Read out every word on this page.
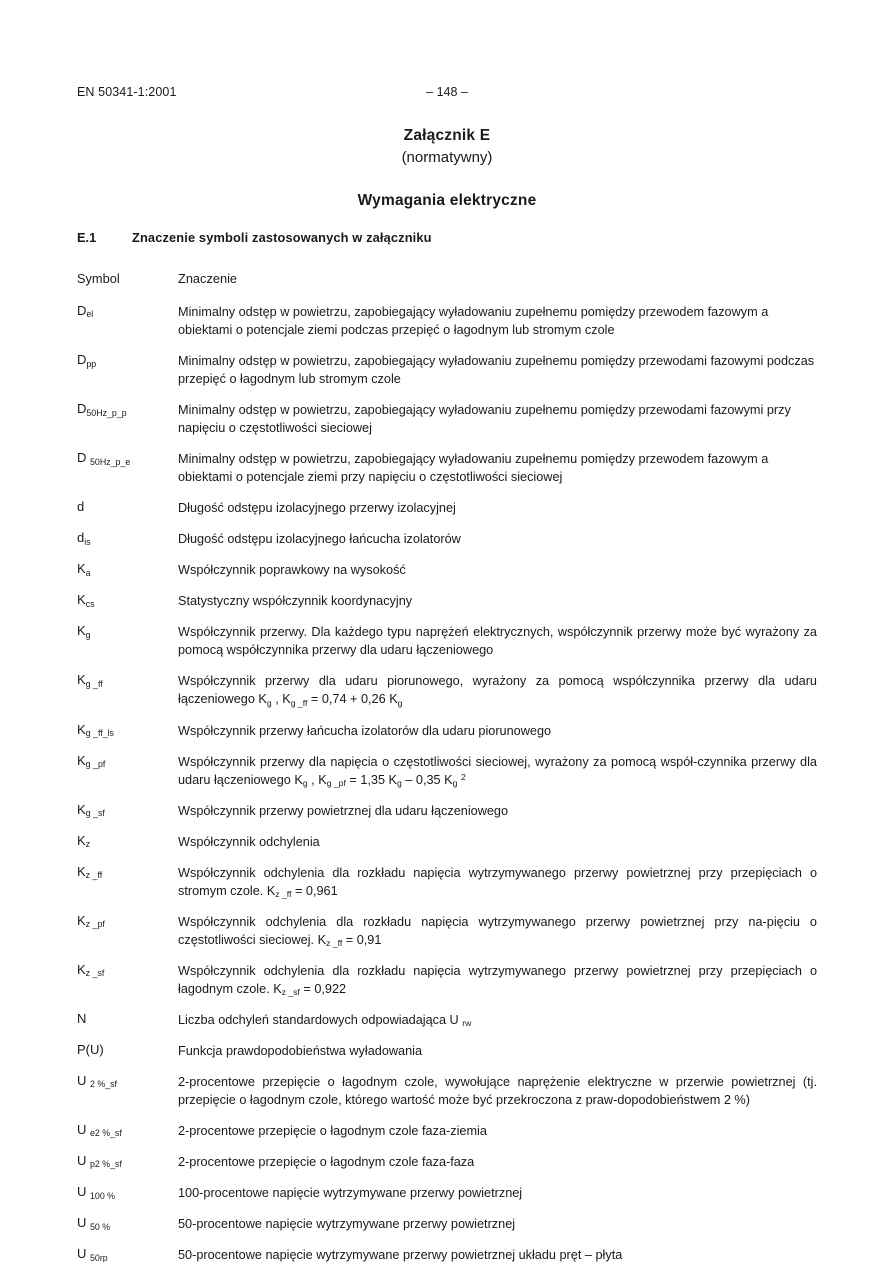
EN 50341-1:2001	– 148 –
Załącznik E
(normatywny)
Wymagania elektryczne
E.1	Znaczenie symboli zastosowanych w załączniku
Symbol	Znaczenie
$D_{el}$	Minimalny odstęp w powietrzu, zapobiegający wyładowaniu zupełnemu pomiędzy przewodem fazowym a obiektami o potencjale ziemi podczas przepięć o łagodnym lub stromym czole
$D_{pp}$	Minimalny odstęp w powietrzu, zapobiegający wyładowaniu zupełnemu pomiędzy przewodami fazowymi podczas przepięć o łagodnym lub stromym czole
$D_{50Hz\_p\_p}$	Minimalny odstęp w powietrzu, zapobiegający wyładowaniu zupełnemu pomiędzy przewodami fazowymi przy napięciu o częstotliwości sieciowej
D $_{50Hz\_p\_e}$	Minimalny odstęp w powietrzu, zapobiegający wyładowaniu zupełnemu pomiędzy przewodem fazowym a obiektami o potencjale ziemi przy napięciu o częstotliwości sieciowej
d	Długość odstępu izolacyjnego przerwy izolacyjnej
$d_{is}$	Długość odstępu izolacyjnego łańcucha izolatorów
$K_a$	Współczynnik poprawkowy na wysokość
$K_{cs}$	Statystyczny współczynnik koordynacyjny
$K_g$	Współczynnik przerwy. Dla każdego typu naprężeń elektrycznych, współczynnik przerwy może być wyrażony za pomocą współczynnika przerwy dla udaru łączeniowego
$K_{g \_ff}$	Współczynnik przerwy dla udaru piorunowego, wyrażony za pomocą współczynnika przerwy dla udaru łączeniowego $K_g$ , $K_{g \_ff} = 0,74 + 0,26$ $K_g$
$K_{g \_ff\_ls}$	Współczynnik przerwy łańcucha izolatorów dla udaru piorunowego
$K_{g \_pf}$	Współczynnik przerwy dla napięcia o częstotliwości sieciowej, wyrażony za pomocą współ-czynnika przerwy dla udaru łączeniowego $K_g$ , $K_{g \_pf} = 1,35$ $K_g - 0,35$ $K_g$ $^2$
$K_{g \_sf}$	Współczynnik przerwy powietrznej dla udaru łączeniowego
$K_z$	Współczynnik odchylenia
$K_{z \_ff}$	Współczynnik odchylenia dla rozkładu napięcia wytrzymywanego przerwy powietrznej przy przepięciach o stromym czole. $K_{z \_ff} = 0,961$
$K_{z \_pf}$	Współczynnik odchylenia dla rozkładu napięcia wytrzymywanego przerwy powietrznej przy na-pięciu o częstotliwości sieciowej. $K_{z \_ff} = 0,91$
$K_{z \_sf}$	Współczynnik odchylenia dla rozkładu napięcia wytrzymywanego przerwy powietrznej przy przepięciach o łagodnym czole. $K_{z \_sf} = 0,922$
N	Liczba odchyleń standardowych odpowiadająca U $_{rw}$
P(U)	Funkcja prawdopodobieństwa wyładowania
U $_{2 \%\_sf}$	2-procentowe przepięcie o łagodnym czole, wywołujące naprężenie elektryczne w przerwie powietrznej (tj. przepięcie o łagodnym czole, którego wartość może być przekroczona z praw-dopodobieństwem 2 %)
U $_{e2 \%\_sf}$	2-procentowe przepięcie o łagodnym czole faza-ziemia
U $_{p2 \%\_sf}$	2-procentowe przepięcie o łagodnym czole faza-faza
U $_{100 \%}$	100-procentowe napięcie wytrzymywane przerwy powietrznej
U $_{50 \%}$	50-procentowe napięcie wytrzymywane przerwy powietrznej
U $_{50rp}$	50-procentowe napięcie wytrzymywane przerwy powietrznej układu pręt – płyta
